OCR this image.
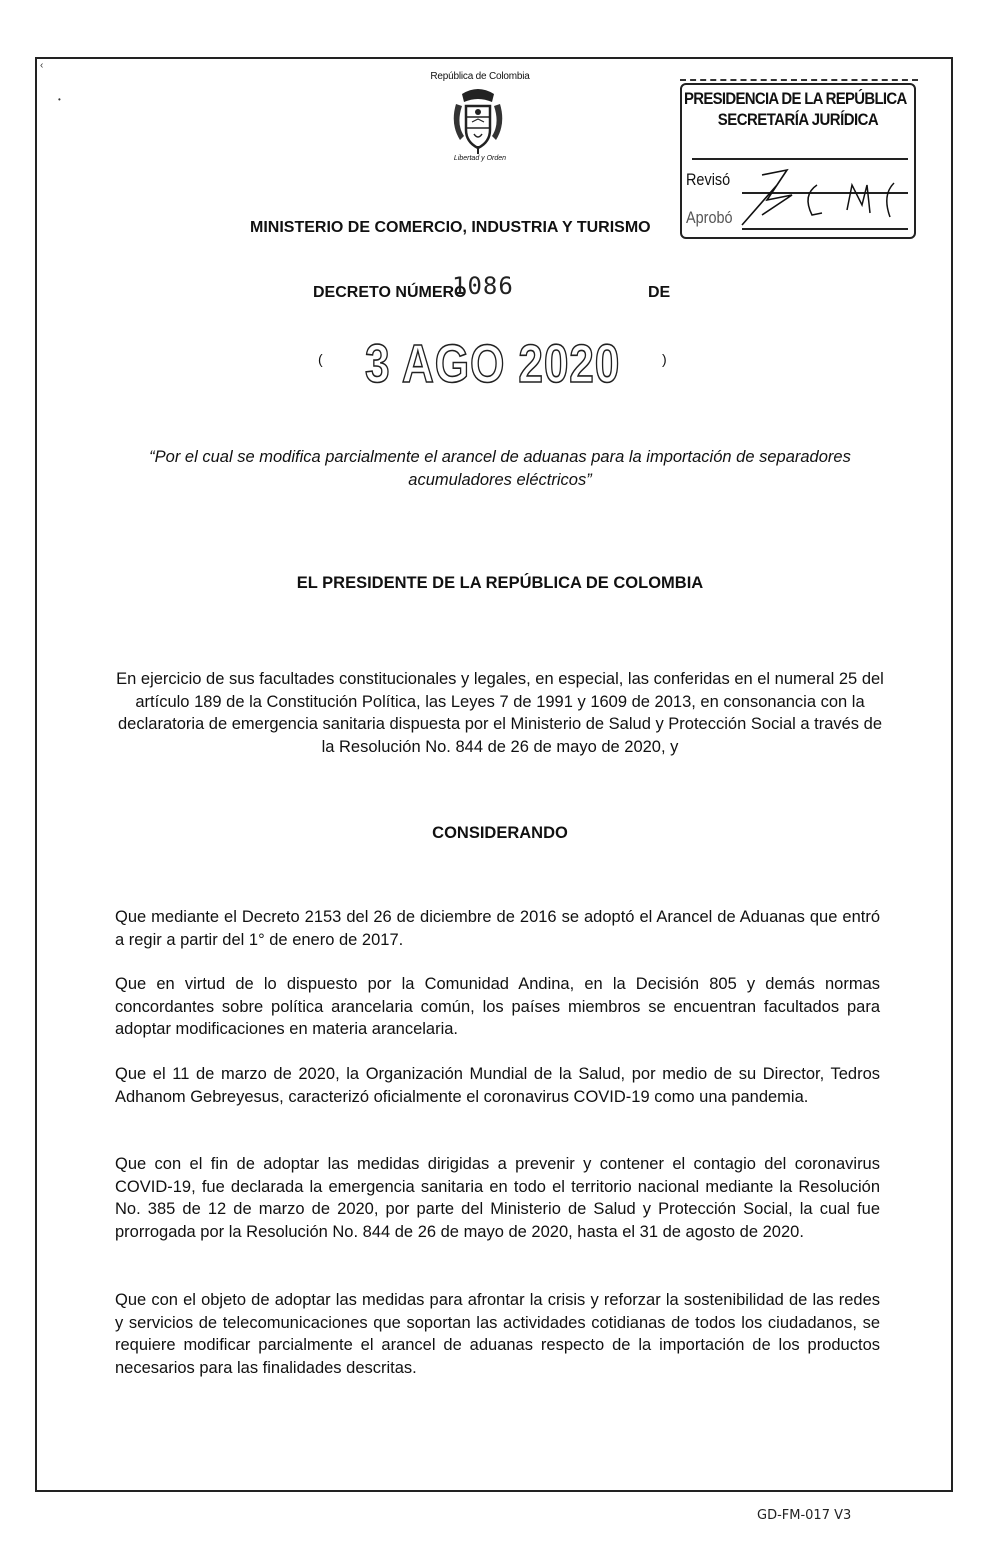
‹
•
República de Colombia
Libertad y Orden
PRESIDENCIA DE LA REPÚBLICA
SECRETARÍA JURÍDICA
Revisó
Aprobó
MINISTERIO DE COMERCIO, INDUSTRIA Y TURISMO
DECRETO NÚMERO
1086	DE
( 3 AGO 2020	)
“Por el cual se modifica parcialmente el arancel de aduanas para la importación de separadores acumuladores eléctricos”
EL PRESIDENTE DE LA REPÚBLICA DE COLOMBIA
En ejercicio de sus facultades constitucionales y legales, en especial, las conferidas en el numeral 25 del artículo 189 de la Constitución Política, las Leyes 7 de 1991 y 1609 de 2013, en consonancia con la declaratoria de emergencia sanitaria dispuesta por el Ministerio de Salud y Protección Social a través de la Resolución No. 844 de 26 de mayo de 2020, y
CONSIDERANDO
Que mediante el Decreto 2153 del 26 de diciembre de 2016 se adoptó el Arancel de Aduanas que entró a regir a partir del 1° de enero de 2017.
Que en virtud de lo dispuesto por la Comunidad Andina, en la Decisión 805 y demás normas concordantes sobre política arancelaria común, los países miembros se encuentran facultados para adoptar modificaciones en materia arancelaria.
Que el 11 de marzo de 2020, la Organización Mundial de la Salud, por medio de su Director, Tedros Adhanom Gebreyesus, caracterizó oficialmente el coronavirus COVID-19 como una pandemia.
Que con el fin de adoptar las medidas dirigidas a prevenir y contener el contagio del coronavirus COVID-19, fue declarada la emergencia sanitaria en todo el territorio nacional mediante la Resolución No. 385 de 12 de marzo de 2020, por parte del Ministerio de Salud y Protección Social, la cual fue prorrogada por la Resolución No. 844 de 26 de mayo de 2020, hasta el 31 de agosto de 2020.
Que con el objeto de adoptar las medidas para afrontar la crisis y reforzar la sostenibilidad de las redes y servicios de telecomunicaciones que soportan las actividades cotidianas de todos los ciudadanos, se requiere modificar parcialmente el arancel de aduanas respecto de la importación de los productos necesarios para las finalidades descritas.
GD-FM-017 V3
